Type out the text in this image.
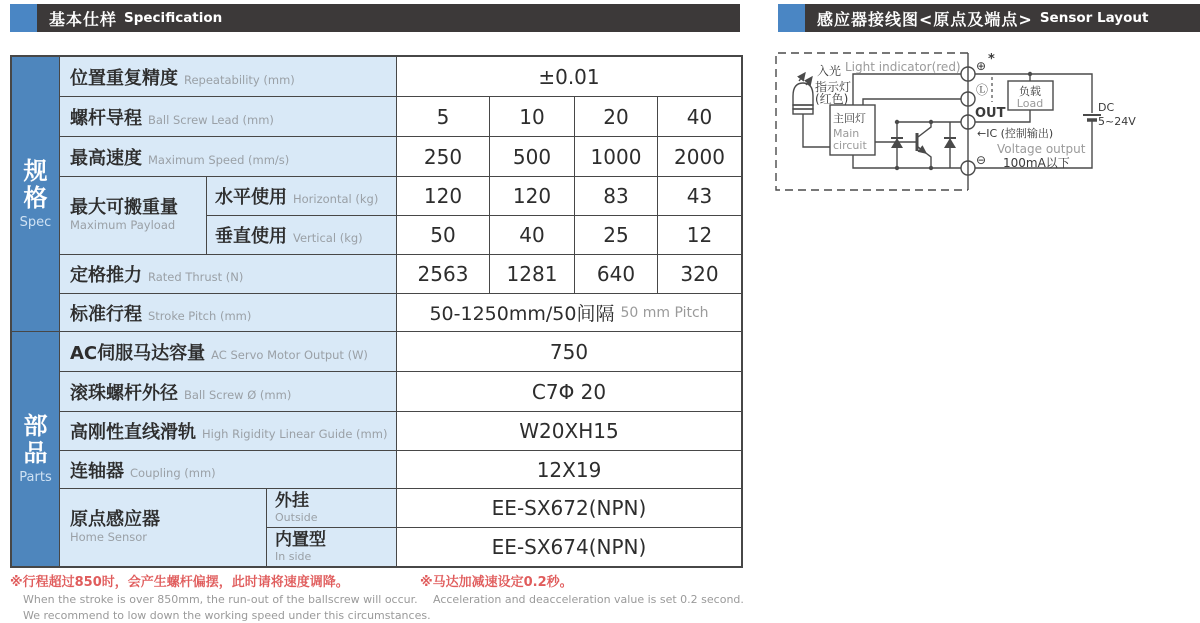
基本仕样 Specification	感应器接线图<原点及端点> Sensor Layout
规
格
Spec
部
品
Parts
位置重复精度 Repeatability (mm)	±0.01
螺杆导程 Ball Screw Lead (mm)	5	10	20	40
最高速度 Maximum Speed (mm/s)	250	500	1000	2000
最大可搬重量
Maximum Payload
水平使用 Horizontal (kg)	120	120	83	43
垂直使用 Vertical (kg)	50	40	25	12
定格推力 Rated Thrust (N)	2563	1281	640	320
标准行程 Stroke Pitch (mm)	50-1250mm/50间隔 50 mm Pitch
AC伺服马达容量 AC Servo Motor Output (W)	750
滚珠螺杆外径 Ball Screw Ø (mm)	C7Φ 20
高刚性直线滑轨 High Rigidity Linear Guide (mm)	W20XH15
连轴器 Coupling (mm)	12X19
原点感应器
Home Sensor
外挂
Outside	EE-SX672(NPN)
内置型
In side	EE-SX674(NPN)
Light indicator(red)
入光
指示灯
(红色)
主回灯
Main
circuit
⊕ *
Ⓛ
OUT
←IC (控制输出)
Voltage output
100mA以下
⊖
负载
Load	DC
5~24V
※行程超过850时，会产生螺杆偏摆，此时请将速度调降。
When the stroke is over 850mm, the run-out of the ballscrew will occur.
We recommend to low down the working speed under this circumstances.
※马达加减速设定0.2秒。
Acceleration and deacceleration value is set 0.2 second.
